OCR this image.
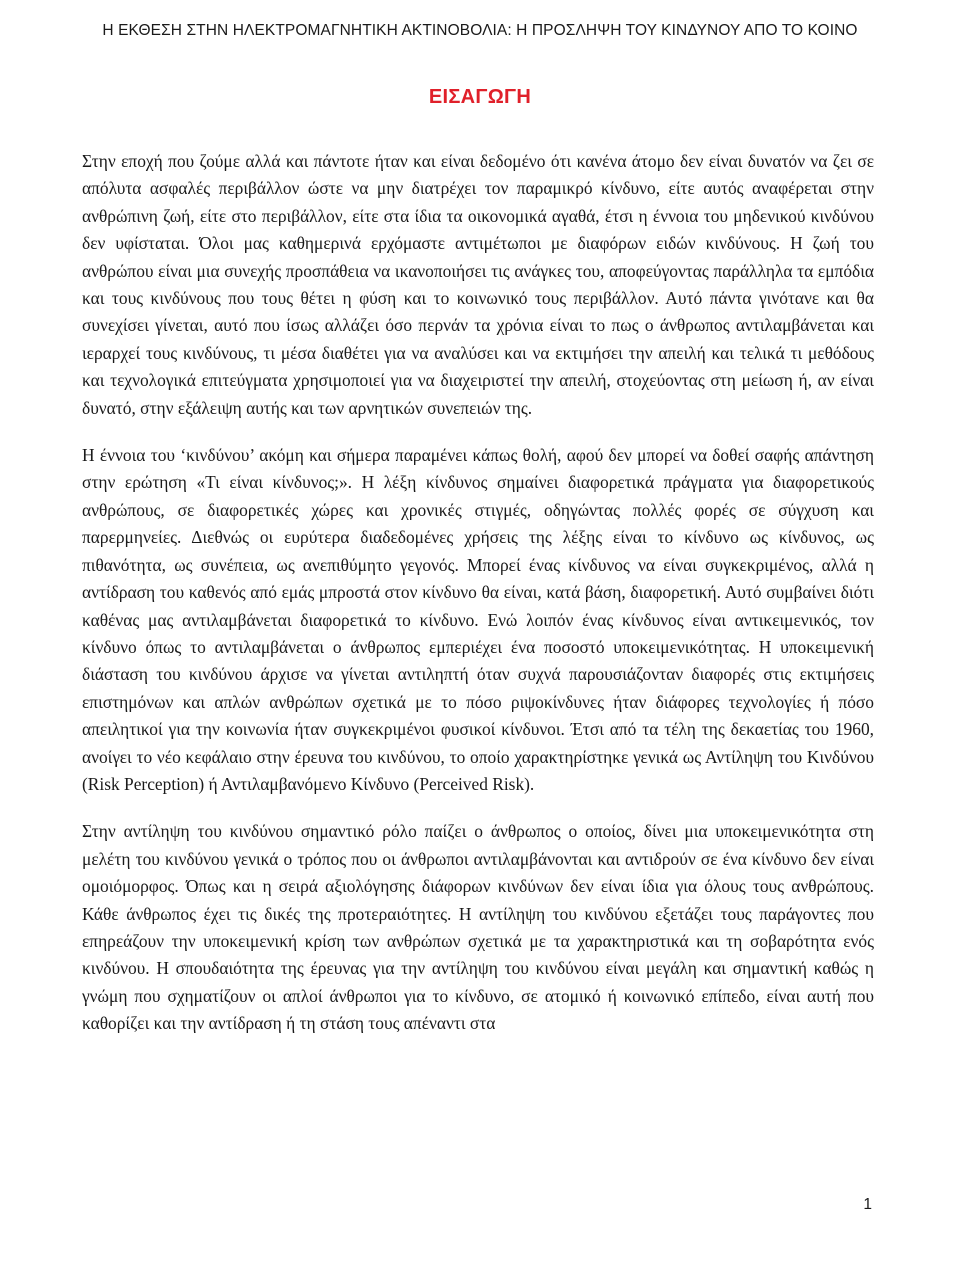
Η ΕΚΘΕΣΗ ΣΤΗΝ ΗΛΕΚΤΡΟΜΑΓΝΗΤΙΚΗ ΑΚΤΙΝΟΒΟΛΙΑ: Η ΠΡΟΣΛΗΨΗ ΤΟΥ ΚΙΝΔΥΝΟΥ ΑΠΟ ΤΟ ΚΟΙΝΟ
ΕΙΣΑΓΩΓΗ

Στην εποχή που ζούμε αλλά και πάντοτε ήταν και είναι δεδομένο ότι κανένα άτομο δεν είναι δυνατόν να ζει σε απόλυτα ασφαλές περιβάλλον ώστε να μην διατρέχει τον παραμικρό κίνδυνο, είτε αυτός αναφέρεται στην ανθρώπινη ζωή, είτε στο περιβάλλον, είτε στα ίδια τα οικονομικά αγαθά, έτσι η έννοια του μηδενικού κινδύνου δεν υφίσταται. Όλοι μας καθημερινά ερχόμαστε αντιμέτωποι με διαφόρων ειδών κινδύνους. Η ζωή του ανθρώπου είναι μια συνεχής προσπάθεια να ικανοποιήσει τις ανάγκες του, αποφεύγοντας παράλληλα τα εμπόδια και τους κινδύνους που τους θέτει η φύση και το κοινωνικό τους περιβάλλον. Αυτό πάντα γινότανε και θα συνεχίσει γίνεται, αυτό που ίσως αλλάζει όσο περνάν τα χρόνια είναι το πως ο άνθρωπος αντιλαμβάνεται και ιεραρχεί τους κινδύνους, τι μέσα διαθέτει για να αναλύσει και να εκτιμήσει την απειλή και τελικά τι μεθόδους και τεχνολογικά επιτεύγματα χρησιμοποιεί για να διαχειριστεί την απειλή, στοχεύοντας στη μείωση ή, αν είναι δυνατό, στην εξάλειψη αυτής και των αρνητικών συνεπειών της.

Η έννοια του ‘κινδύνου’ ακόμη και σήμερα παραμένει κάπως θολή, αφού δεν μπορεί να δοθεί σαφής απάντηση στην ερώτηση «Τι είναι κίνδυνος;». Η λέξη κίνδυνος σημαίνει διαφορετικά πράγματα για διαφορετικούς ανθρώπους, σε διαφορετικές χώρες και χρονικές στιγμές, οδηγώντας πολλές φορές σε σύγχυση και παρερμηνείες. Διεθνώς οι ευρύτερα διαδεδομένες χρήσεις της λέξης είναι το κίνδυνο ως κίνδυνος, ως πιθανότητα, ως συνέπεια, ως ανεπιθύμητο γεγονός. Μπορεί ένας κίνδυνος να είναι συγκεκριμένος, αλλά η αντίδραση του καθενός από εμάς μπροστά στον κίνδυνο θα είναι, κατά βάση, διαφορετική. Αυτό συμβαίνει διότι καθένας μας αντιλαμβάνεται διαφορετικά το κίνδυνο. Ενώ λοιπόν ένας κίνδυνος είναι αντικειμενικός, τον κίνδυνο όπως το αντιλαμβάνεται ο άνθρωπος εμπεριέχει ένα ποσοστό υποκειμενικότητας. Η υποκειμενική διάσταση του κινδύνου άρχισε να γίνεται αντιληπτή όταν συχνά παρουσιάζονταν διαφορές στις εκτιμήσεις επιστημόνων και απλών ανθρώπων σχετικά με το πόσο ριψοκίνδυνες ήταν διάφορες τεχνολογίες ή πόσο απειλητικοί για την κοινωνία ήταν συγκεκριμένοι φυσικοί κίνδυνοι. Έτσι από τα τέλη της δεκαετίας του 1960, ανοίγει το νέο κεφάλαιο στην έρευνα του κινδύνου, το οποίο χαρακτηρίστηκε γενικά ως Αντίληψη του Κινδύνου (Risk Perception) ή Αντιλαμβανόμενο Κίνδυνο (Perceived Risk).

Στην αντίληψη του κινδύνου σημαντικό ρόλο παίζει ο άνθρωπος ο οποίος, δίνει μια υποκειμενικότητα στη μελέτη του κινδύνου γενικά ο τρόπος που οι άνθρωποι αντιλαμβάνονται και αντιδρούν σε ένα κίνδυνο δεν είναι ομοιόμορφος. Όπως και η σειρά αξιολόγησης διάφορων κινδύνων δεν είναι ίδια για όλους τους ανθρώπους. Κάθε άνθρωπος έχει τις δικές της προτεραιότητες. Η αντίληψη του κινδύνου εξετάζει τους παράγοντες που επηρεάζουν την υποκειμενική κρίση των ανθρώπων σχετικά με τα χαρακτηριστικά και τη σοβαρότητα ενός κινδύνου. Η σπουδαιότητα της έρευνας για την αντίληψη του κινδύνου είναι μεγάλη και σημαντική καθώς η γνώμη που σχηματίζουν οι απλοί άνθρωποι για το κίνδυνο, σε ατομικό ή κοινωνικό επίπεδο, είναι αυτή που καθορίζει και την αντίδραση ή τη στάση τους απέναντι στα

1
